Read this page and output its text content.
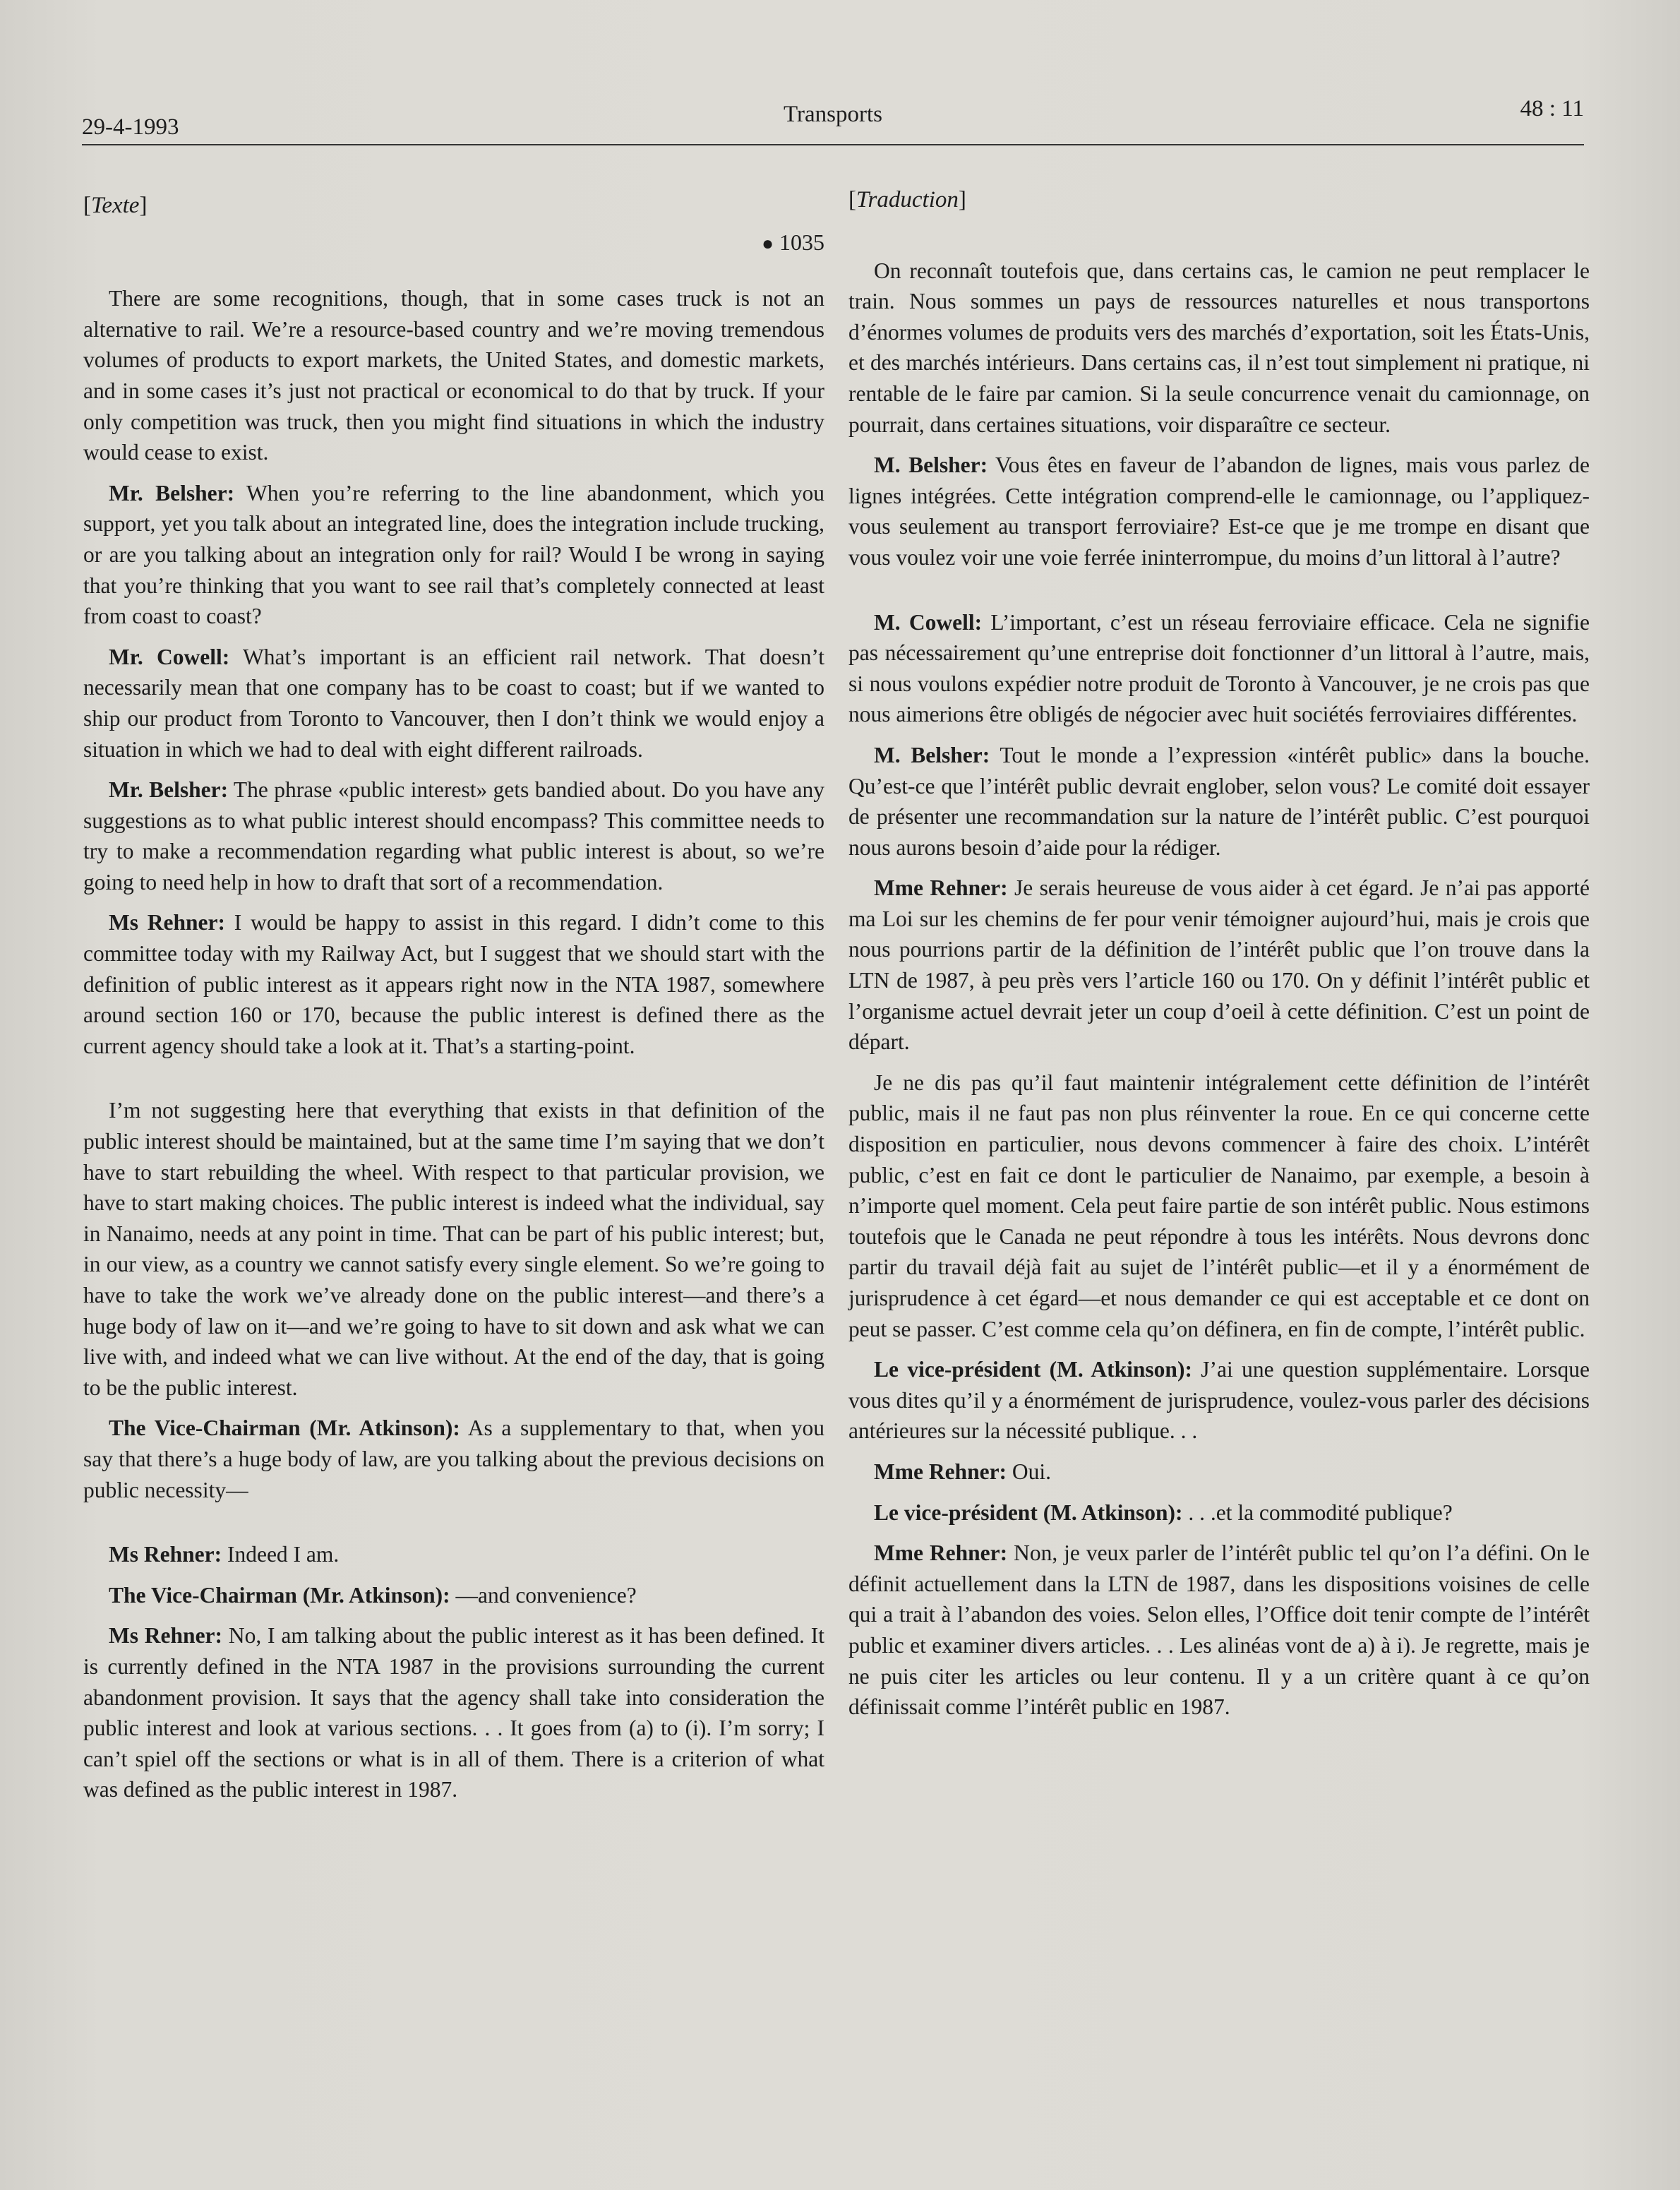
29-4-1993	Transports	48 : 11
[Texte]
● 1035

There are some recognitions, though, that in some cases truck is not an alternative to rail. We’re a resource-based country and we’re moving tremendous volumes of products to export markets, the United States, and domestic markets, and in some cases it’s just not practical or economical to do that by truck. If your only competition was truck, then you might find situations in which the industry would cease to exist.

Mr. Belsher: When you’re referring to the line abandonment, which you support, yet you talk about an integrated line, does the integration include trucking, or are you talking about an integration only for rail? Would I be wrong in saying that you’re thinking that you want to see rail that’s completely connected at least from coast to coast?

Mr. Cowell: What’s important is an efficient rail network. That doesn’t necessarily mean that one company has to be coast to coast; but if we wanted to ship our product from Toronto to Vancouver, then I don’t think we would enjoy a situation in which we had to deal with eight different railroads.

Mr. Belsher: The phrase «public interest» gets bandied about. Do you have any suggestions as to what public interest should encompass? This committee needs to try to make a recommendation regarding what public interest is about, so we’re going to need help in how to draft that sort of a recommendation.

Ms Rehner: I would be happy to assist in this regard. I didn’t come to this committee today with my Railway Act, but I suggest that we should start with the definition of public interest as it appears right now in the NTA 1987, somewhere around section 160 or 170, because the public interest is defined there as the current agency should take a look at it. That’s a starting-point.

I’m not suggesting here that everything that exists in that definition of the public interest should be maintained, but at the same time I’m saying that we don’t have to start rebuilding the wheel. With respect to that particular provision, we have to start making choices. The public interest is indeed what the individual, say in Nanaimo, needs at any point in time. That can be part of his public interest; but, in our view, as a country we cannot satisfy every single element. So we’re going to have to take the work we’ve already done on the public interest—and there’s a huge body of law on it—and we’re going to have to sit down and ask what we can live with, and indeed what we can live without. At the end of the day, that is going to be the public interest.

The Vice-Chairman (Mr. Atkinson): As a supplementary to that, when you say that there’s a huge body of law, are you talking about the previous decisions on public necessity—

Ms Rehner: Indeed I am.

The Vice-Chairman (Mr. Atkinson): —and convenience?

Ms Rehner: No, I am talking about the public interest as it has been defined. It is currently defined in the NTA 1987 in the provisions surrounding the current abandonment provision. It says that the agency shall take into consideration the public interest and look at various sections. . . It goes from (a) to (i). I’m sorry; I can’t spiel off the sections or what is in all of them. There is a criterion of what was defined as the public interest in 1987.

[Traduction]

On reconnaît toutefois que, dans certains cas, le camion ne peut remplacer le train. Nous sommes un pays de ressources naturelles et nous transportons d’énormes volumes de produits vers des marchés d’exportation, soit les États-Unis, et des marchés intérieurs. Dans certains cas, il n’est tout simplement ni pratique, ni rentable de le faire par camion. Si la seule concurrence venait du camionnage, on pourrait, dans certaines situations, voir disparaître ce secteur.

M. Belsher: Vous êtes en faveur de l’abandon de lignes, mais vous parlez de lignes intégrées. Cette intégration comprend-elle le camionnage, ou l’appliquez-vous seulement au transport ferroviaire? Est-ce que je me trompe en disant que vous voulez voir une voie ferrée ininterrompue, du moins d’un littoral à l’autre?

M. Cowell: L’important, c’est un réseau ferroviaire efficace. Cela ne signifie pas nécessairement qu’une entreprise doit fonctionner d’un littoral à l’autre, mais, si nous voulons expédier notre produit de Toronto à Vancouver, je ne crois pas que nous aimerions être obligés de négocier avec huit sociétés ferroviaires différentes.

M. Belsher: Tout le monde a l’expression «intérêt public» dans la bouche. Qu’est-ce que l’intérêt public devrait englober, selon vous? Le comité doit essayer de présenter une recommandation sur la nature de l’intérêt public. C’est pourquoi nous aurons besoin d’aide pour la rédiger.

Mme Rehner: Je serais heureuse de vous aider à cet égard. Je n’ai pas apporté ma Loi sur les chemins de fer pour venir témoigner aujourd’hui, mais je crois que nous pourrions partir de la définition de l’intérêt public que l’on trouve dans la LTN de 1987, à peu près vers l’article 160 ou 170. On y définit l’intérêt public et l’organisme actuel devrait jeter un coup d’oeil à cette définition. C’est un point de départ.

Je ne dis pas qu’il faut maintenir intégralement cette définition de l’intérêt public, mais il ne faut pas non plus réinventer la roue. En ce qui concerne cette disposition en particulier, nous devons commencer à faire des choix. L’intérêt public, c’est en fait ce dont le particulier de Nanaimo, par exemple, a besoin à n’importe quel moment. Cela peut faire partie de son intérêt public. Nous estimons toutefois que le Canada ne peut répondre à tous les intérêts. Nous devrons donc partir du travail déjà fait au sujet de l’intérêt public—et il y a énormément de jurisprudence à cet égard—et nous demander ce qui est acceptable et ce dont on peut se passer. C’est comme cela qu’on définera, en fin de compte, l’intérêt public.

Le vice-président (M. Atkinson): J’ai une question supplémentaire. Lorsque vous dites qu’il y a énormément de jurisprudence, voulez-vous parler des décisions antérieures sur la nécessité publique. . .

Mme Rehner: Oui.

Le vice-président (M. Atkinson): . . .et la commodité publique?

Mme Rehner: Non, je veux parler de l’intérêt public tel qu’on l’a défini. On le définit actuellement dans la LTN de 1987, dans les dispositions voisines de celle qui a trait à l’abandon des voies. Selon elles, l’Office doit tenir compte de l’intérêt public et examiner divers articles. . . Les alinéas vont de a) à i). Je regrette, mais je ne puis citer les articles ou leur contenu. Il y a un critère quant à ce qu’on définissait comme l’intérêt public en 1987.
